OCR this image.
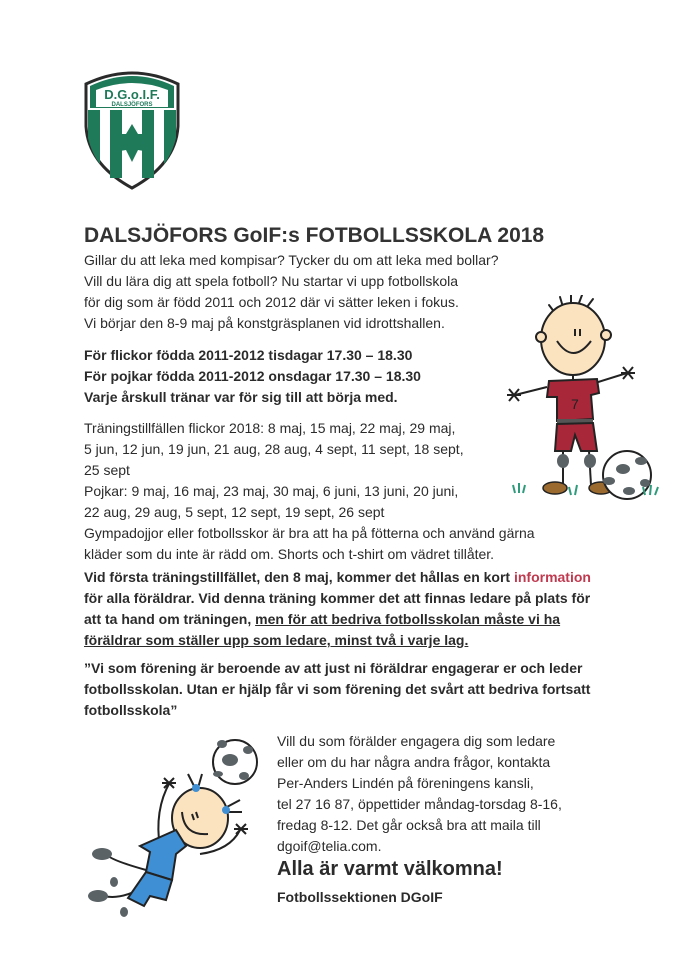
D.G.o.I.F.
DALSJÖFORS
DALSJÖFORS GoIF:s FOTBOLLSSKOLA 2018
Gillar du att leka med kompisar? Tycker du om att leka med bollar?
Vill du lära dig att spela fotboll? Nu startar vi upp fotbollskola
för dig som är född 2011 och 2012 där vi sätter leken i fokus.
Vi börjar den 8-9 maj på konstgräsplanen vid idrottshallen.
För flickor födda 2011-2012 tisdagar 17.30 – 18.30
För pojkar födda 2011-2012 onsdagar 17.30 – 18.30
Varje årskull tränar var för sig till att börja med.
Träningstillfällen flickor 2018: 8 maj, 15 maj, 22 maj, 29 maj,
5 jun, 12 jun, 19 jun, 21 aug, 28 aug, 4 sept, 11 sept, 18 sept,
25 sept
Pojkar: 9 maj, 16 maj, 23 maj, 30 maj, 6 juni, 13 juni, 20 juni,
22 aug, 29 aug, 5 sept, 12 sept, 19 sept, 26 sept
Gympadojjor eller fotbollsskor är bra att ha på fötterna och använd gärna
kläder som du inte är rädd om. Shorts och t-shirt om vädret tillåter.
Vid första träningstillfället, den 8 maj, kommer det hållas en kort information
för alla föräldrar. Vid denna träning kommer det att finnas ledare på plats för
att ta hand om träningen, men för att bedriva fotbollsskolan måste vi ha
föräldrar som ställer upp som ledare, minst två i varje lag.
”Vi som förening är beroende av att just ni föräldrar engagerar er och leder
fotbollsskolan. Utan er hjälp får vi som förening det svårt att bedriva fortsatt
fotbollsskola”
Vill du som förälder engagera dig som ledare
eller om du har några andra frågor, kontakta
Per-Anders Lindén på föreningens kansli,
tel 27 16 87, öppettider måndag-torsdag 8-16,
fredag 8-12. Det går också bra att maila till
dgoif@telia.com.
Alla är varmt välkomna!
Fotbollssektionen DGoIF
7
